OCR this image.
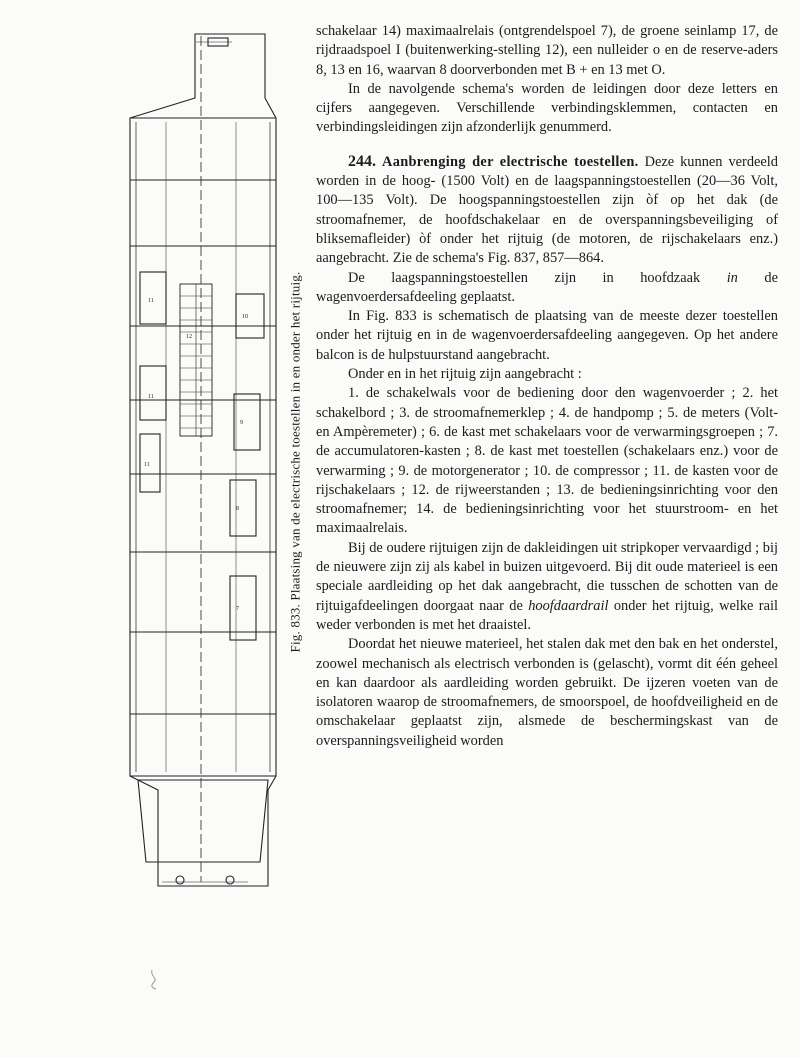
11
11
11
10
9
8
12
7	Fig. 833. Plaatsing van de electrische toestellen in en onder het rijtuig.

schakelaar 14) maximaalrelais (ontgrendelspoel 7), de groene seinlamp 17, de rijdraadspoel I (buitenwerking-stelling 12), een nulleider o en de reserve-aders 8, 13 en 16, waarvan 8 doorverbonden met B + en 13 met O.

In de navolgende schema's worden de leidingen door deze letters en cijfers aangegeven. Verschillende verbindingsklemmen, contacten en verbindingsleidingen zijn afzonderlijk genummerd.

244. Aanbrenging der electrische toestellen. Deze kunnen verdeeld worden in de hoog- (1500 Volt) en de laagspanningstoestellen (20—36 Volt, 100—135 Volt). De hoogspanningstoestellen zijn òf op het dak (de stroomafnemer, de hoofdschakelaar en de overspanningsbeveiliging of bliksemafleider) òf onder het rijtuig (de motoren, de rijschakelaars enz.) aangebracht. Zie de schema's Fig. 837, 857—864.

De laagspanningstoestellen zijn in hoofdzaak in de wagenvoerdersafdeeling geplaatst.

In Fig. 833 is schematisch de plaatsing van de meeste dezer toestellen onder het rijtuig en in de wagenvoerdersafdeeling aangegeven. Op het andere balcon is de hulpstuurstand aangebracht.

Onder en in het rijtuig zijn aangebracht :

1. de schakelwals voor de bediening door den wagenvoerder ; 2. het schakelbord ; 3. de stroomafnemerklep ; 4. de handpomp ; 5. de meters (Volt- en Ampèremeter) ; 6. de kast met schakelaars voor de verwarmingsgroepen ; 7. de accumulatoren-kasten ; 8. de kast met toestellen (schakelaars enz.) voor de verwarming ; 9. de motorgenerator ; 10. de compressor ; 11. de kasten voor de rijschakelaars ; 12. de rijweerstanden ; 13. de bedieningsinrichting voor den stroomafnemer; 14. de bedieningsinrichting voor het stuurstroom- en het maximaalrelais.

Bij de oudere rijtuigen zijn de dakleidingen uit stripkoper vervaardigd ; bij de nieuwere zijn zij als kabel in buizen uitgevoerd. Bij dit oude materieel is een speciale aardleiding op het dak aangebracht, die tusschen de schotten van de rijtuigafdeelingen doorgaat naar de hoofdaardrail onder het rijtuig, welke rail weder verbonden is met het draaistel.

Doordat het nieuwe materieel, het stalen dak met den bak en het onderstel, zoowel mechanisch als electrisch verbonden is (gelascht), vormt dit één geheel en kan daardoor als aardleiding worden gebruikt. De ijzeren voeten van de isolatoren waarop de stroomafnemers, de smoorspoel, de hoofdveiligheid en de omschakelaar geplaatst zijn, alsmede de beschermingskast van de overspanningsveiligheid worden
